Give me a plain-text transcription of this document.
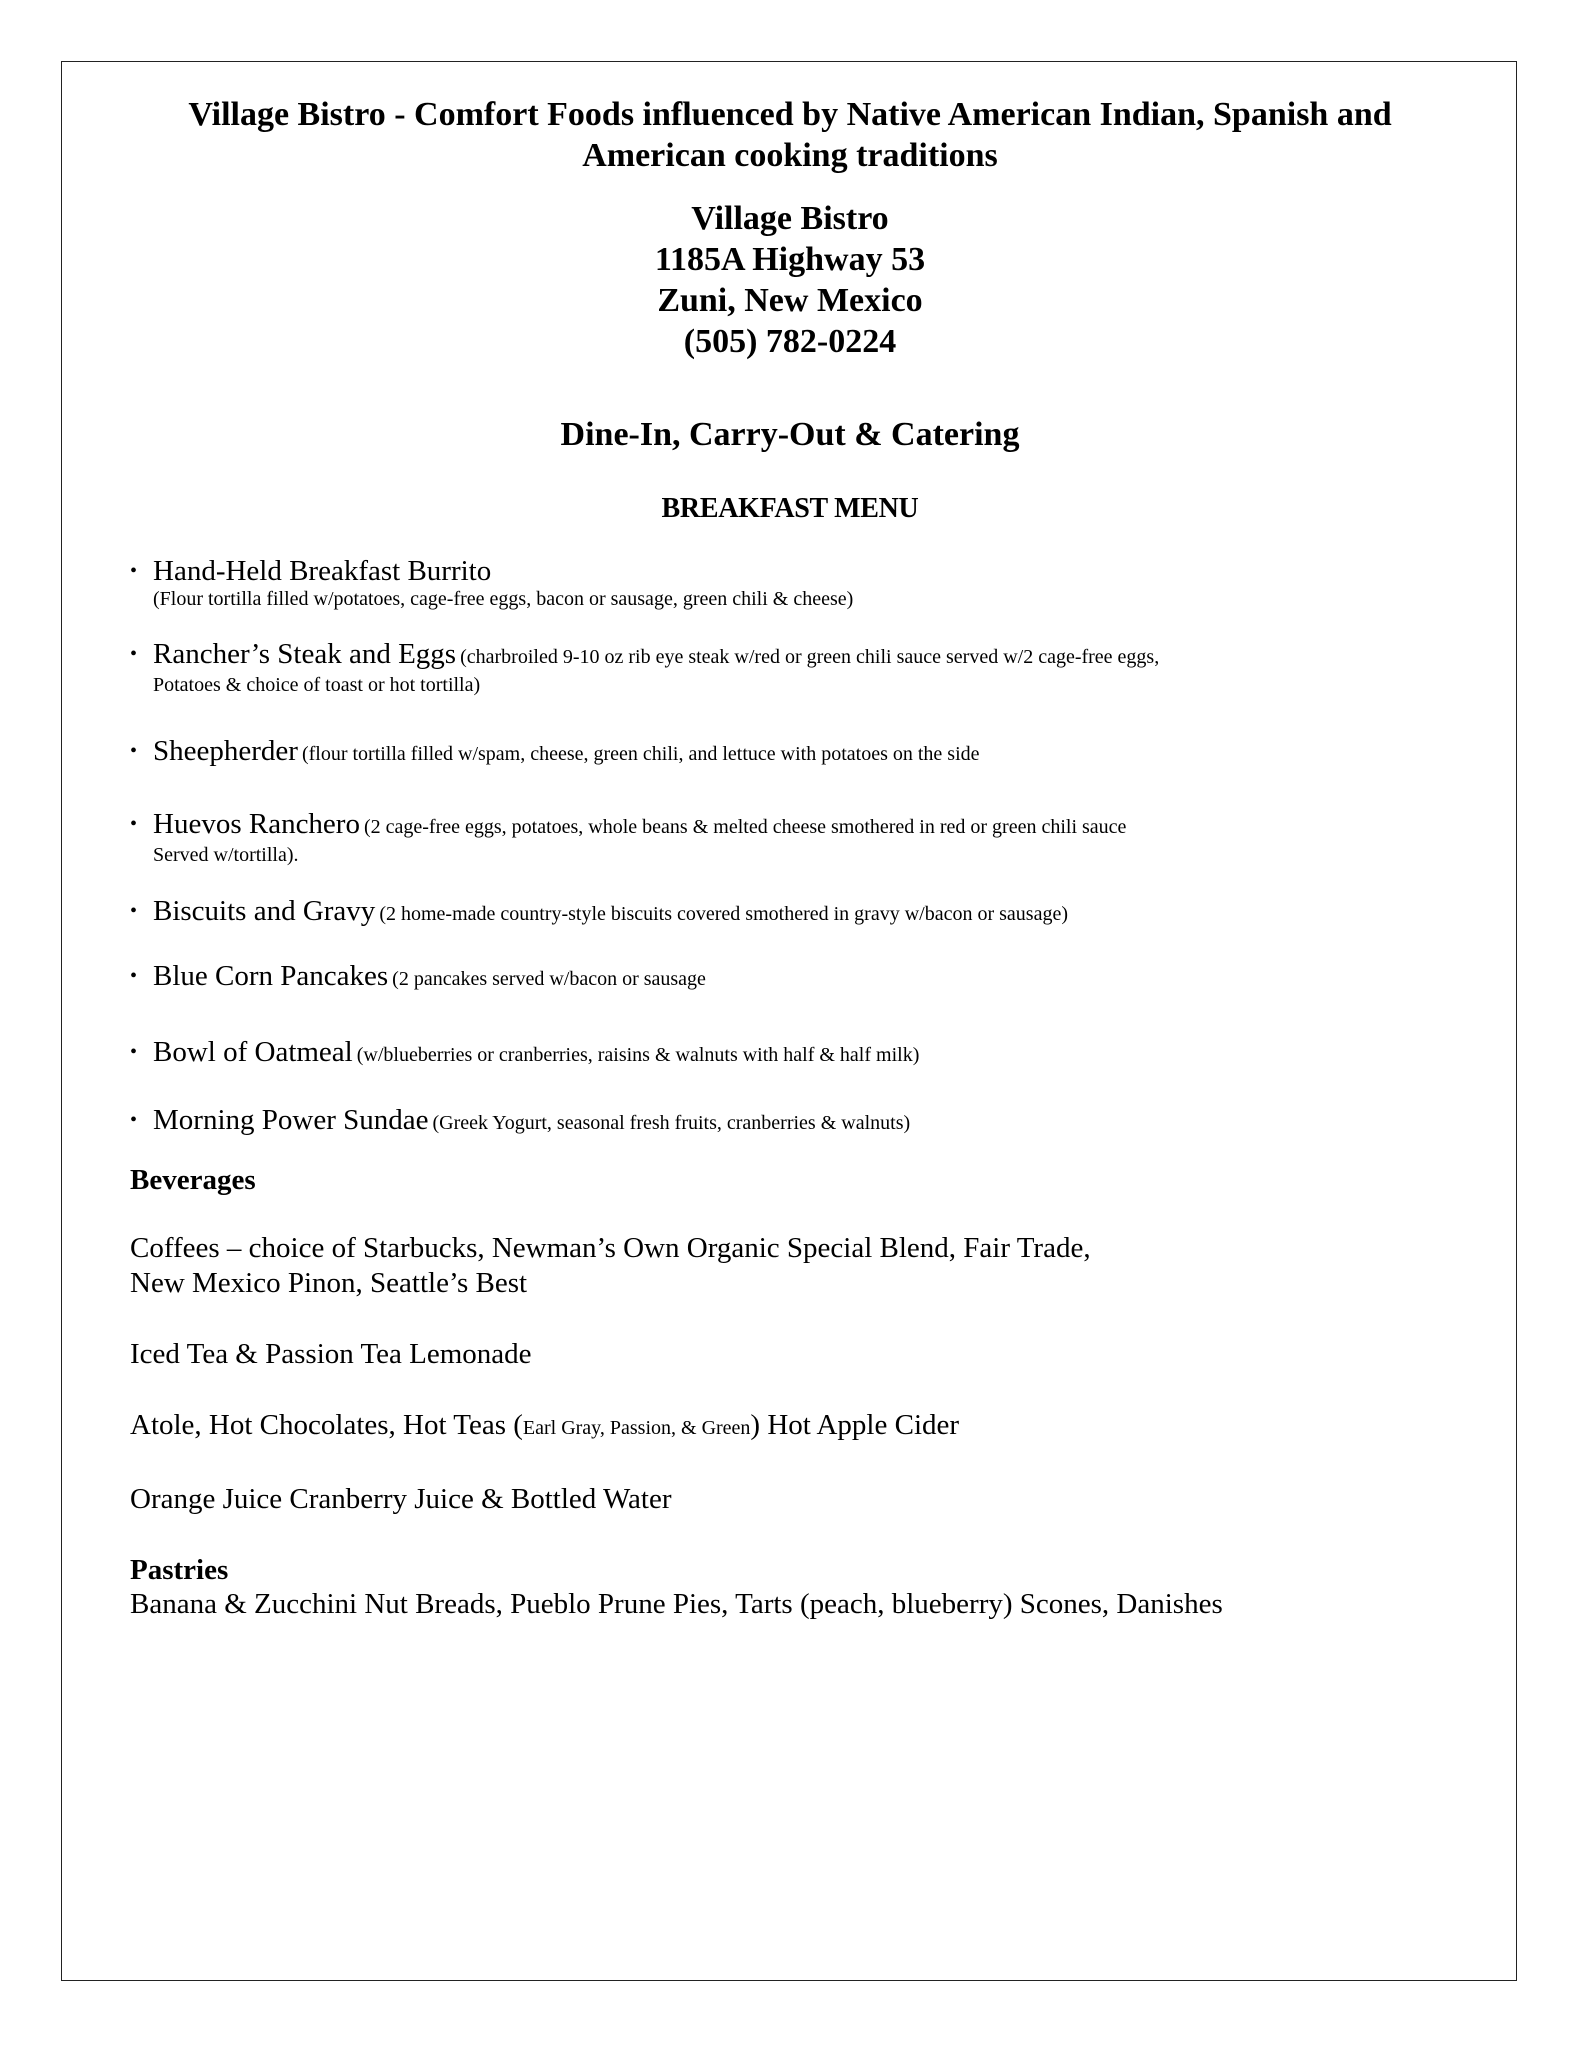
Village Bistro - Comfort Foods influenced by Native American Indian, Spanish and American cooking traditions

Village Bistro
1185A Highway 53
Zuni, New Mexico
(505) 782-0224
Dine-In, Carry-Out & Catering
BREAKFAST MENU
• Hand-Held Breakfast Burrito
(Flour tortilla filled w/potatoes, cage-free eggs, bacon or sausage, green chili & cheese)
• Rancher’s Steak and Eggs (charbroiled 9-10 oz rib eye steak w/red or green chili sauce served w/2 cage-free eggs,
Potatoes & choice of toast or hot tortilla)
• Sheepherder (flour tortilla filled w/spam, cheese, green chili, and lettuce with potatoes on the side
• Huevos Ranchero (2 cage-free eggs, potatoes, whole beans & melted cheese smothered in red or green chili sauce
Served w/tortilla).
• Biscuits and Gravy (2 home-made country-style biscuits covered smothered in gravy w/bacon or sausage)
• Blue Corn Pancakes (2 pancakes served w/bacon or sausage
• Bowl of Oatmeal (w/blueberries or cranberries, raisins & walnuts with half & half milk)
• Morning Power Sundae (Greek Yogurt, seasonal fresh fruits, cranberries & walnuts)
Beverages
Coffees – choice of Starbucks, Newman’s Own Organic Special Blend, Fair Trade,
New Mexico Pinon, Seattle’s Best
Iced Tea & Passion Tea Lemonade
Atole, Hot Chocolates, Hot Teas (Earl Gray, Passion, & Green) Hot Apple Cider
Orange Juice Cranberry Juice & Bottled Water
Pastries
Banana & Zucchini Nut Breads, Pueblo Prune Pies, Tarts (peach, blueberry) Scones, Danishes
